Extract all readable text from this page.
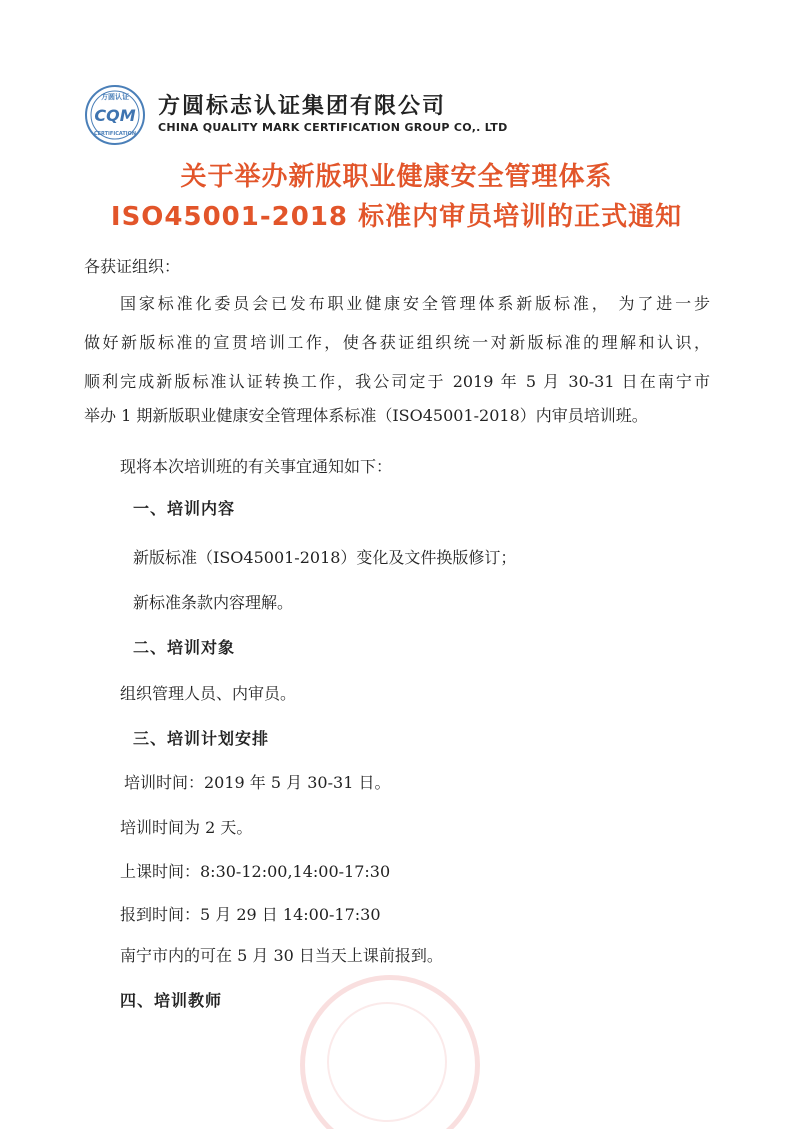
方圆认证
CQM
CERTIFICATION
方圆标志认证集团有限公司
CHINA QUALITY MARK CERTIFICATION GROUP CO,. LTD
关于举办新版职业健康安全管理体系
ISO45001-2018 标准内审员培训的正式通知
各获证组织：
国家标准化委员会已发布职业健康安全管理体系新版标准， 为了进一步
做好新版标准的宣贯培训工作，使各获证组织统一对新版标准的理解和认识，
顺利完成新版标准认证转换工作，我公司定于 2019 年 5 月 30-31 日在南宁市
举办 1 期新版职业健康安全管理体系标准（ISO45001-2018）内审员培训班。
现将本次培训班的有关事宜通知如下：
一、培训内容
新版标准（ISO45001-2018）变化及文件换版修订；
新标准条款内容理解。
二、培训对象
组织管理人员、内审员。
三、培训计划安排
培训时间：2019 年 5 月 30-31 日。
培训时间为 2 天。
上课时间：8:30-12:00,14:00-17:30
报到时间：5 月 29 日 14:00-17:30
南宁市内的可在 5 月 30 日当天上课前报到。
四、培训教师
